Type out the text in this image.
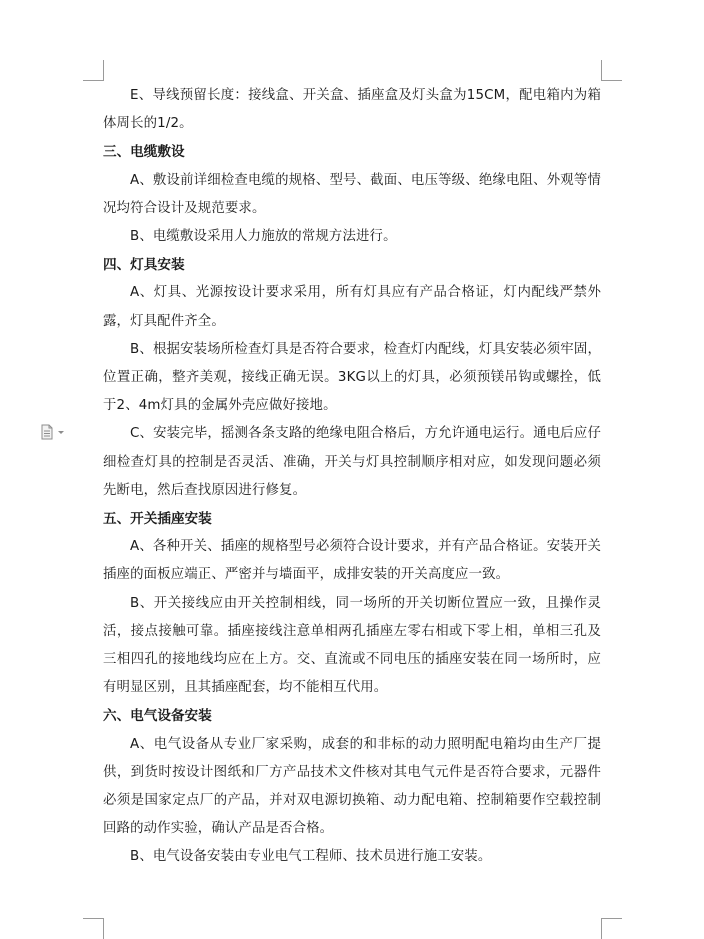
E、导线预留长度：接线盒、开关盒、插座盒及灯头盒为15CM，配电箱内为箱体周长的1/2。

三、电缆敷设

A、敷设前详细检查电缆的规格、型号、截面、电压等级、绝缘电阻、外观等情况均符合设计及规范要求。

B、电缆敷设采用人力施放的常规方法进行。

四、灯具安装

A、灯具、光源按设计要求采用，所有灯具应有产品合格证，灯内配线严禁外露，灯具配件齐全。

B、根据安装场所检查灯具是否符合要求，检查灯内配线，灯具安装必须牢固，位置正确，整齐美观，接线正确无误。3KG以上的灯具，必须预镁吊钩或螺拴，低于2、4m灯具的金属外壳应做好接地。

C、安装完毕，摇测各条支路的绝缘电阻合格后，方允许通电运行。通电后应仔细检查灯具的控制是否灵活、准确，开关与灯具控制顺序相对应，如发现问题必须先断电，然后查找原因进行修复。

五、开关插座安装

A、各种开关、插座的规格型号必须符合设计要求，并有产品合格证。安装开关插座的面板应端正、严密并与墙面平，成排安装的开关高度应一致。

B、开关接线应由开关控制相线，同一场所的开关切断位置应一致，且操作灵活，接点接触可靠。插座接线注意单相两孔插座左零右相或下零上相，单相三孔及三相四孔的接地线均应在上方。交、直流或不同电压的插座安装在同一场所时，应有明显区别，且其插座配套，均不能相互代用。

六、电气设备安装

A、电气设备从专业厂家采购，成套的和非标的动力照明配电箱均由生产厂提供，到货时按设计图纸和厂方产品技术文件核对其电气元件是否符合要求，元器件必须是国家定点厂的产品，并对双电源切换箱、动力配电箱、控制箱要作空载控制回路的动作实验，确认产品是否合格。

B、电气设备安装由专业电气工程师、技术员进行施工安装。
